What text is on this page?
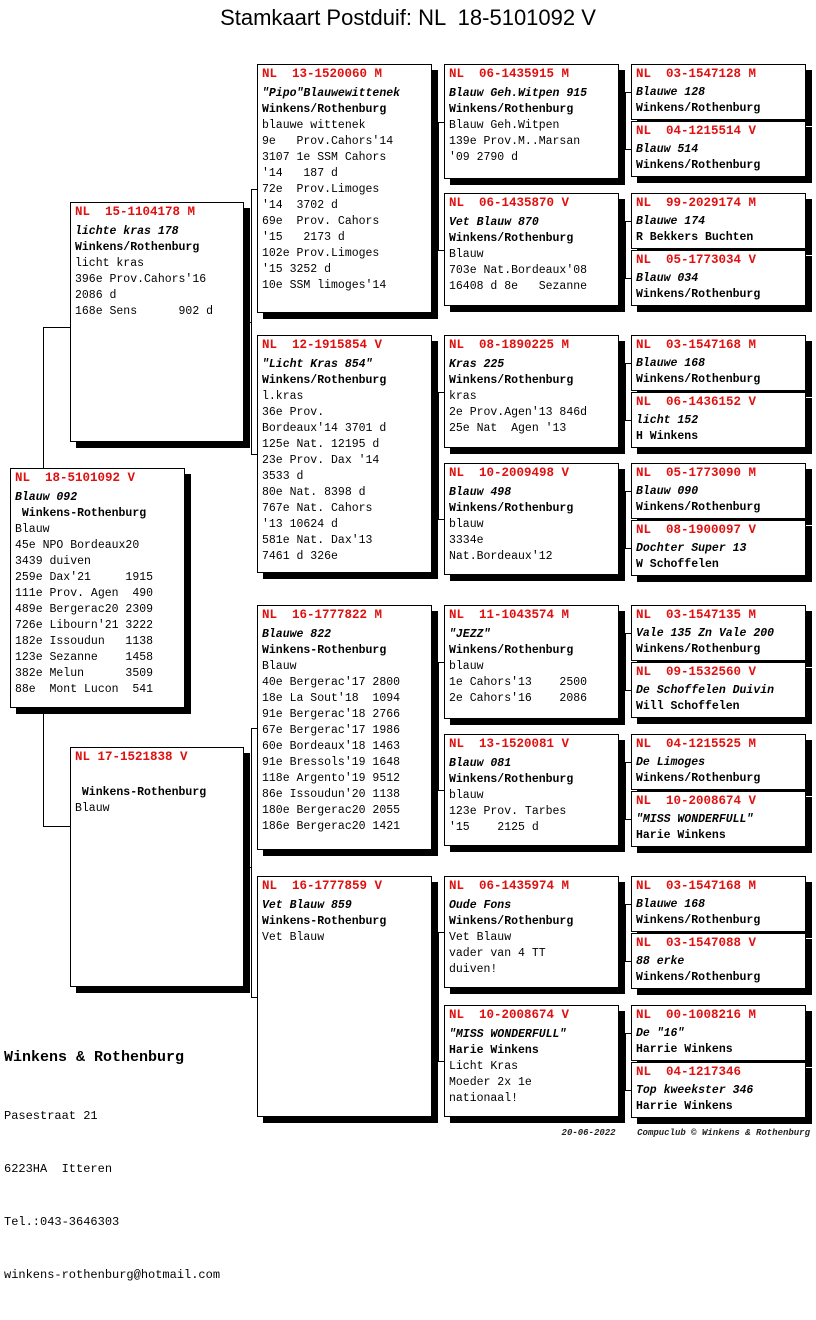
Stamkaart Postduif: NL  18-5101092 V
NL  18-5101092 V
Blauw 092
Winkens-Rothenburg
Blauw
45e NPO Bordeaux20
3439 duiven
259e Dax'21     1915
111e Prov. Agen  490
489e Bergerac20 2309
726e Libourn'21 3222
182e Issoudun   1138
123e Sezanne    1458
382e Melun      3509
88e  Mont Lucon  541
NL  15-1104178 M
lichte kras 178
Winkens/Rothenburg
licht kras
396e Prov.Cahors'16
2086 d
168e Sens      902 d
NL 17-1521838 V
Winkens-Rothenburg
Blauw
NL  13-1520060 M
"Pipo"Blauwewittenek
Winkens/Rothenburg
blauwe wittenek
9e   Prov.Cahors'14
3107 1e SSM Cahors
'14   187 d
72e  Prov.Limoges
'14  3702 d
69e  Prov. Cahors
'15   2173 d
102e Prov.Limoges
'15 3252 d
10e SSM limoges'14
NL  12-1915854 V
"Licht Kras 854"
Winkens/Rothenburg
l.kras
36e Prov.
Bordeaux'14 3701 d
125e Nat. 12195 d
23e Prov. Dax '14
3533 d
80e Nat. 8398 d
767e Nat. Cahors
'13 10624 d
581e Nat. Dax'13
7461 d 326e
NL  16-1777822 M
Blauwe 822
Winkens-Rothenburg
Blauw
40e Bergerac'17 2800
18e La Sout'18  1094
91e Bergerac'18 2766
67e Bergerac'17 1986
60e Bordeaux'18 1463
91e Bressols'19 1648
118e Argento'19 9512
86e Issoudun'20 1138
180e Bergerac20 2055
186e Bergerac20 1421
NL  16-1777859 V
Vet Blauw 859
Winkens-Rothenburg
Vet Blauw
NL  06-1435915 M
Blauw Geh.Witpen 915
Winkens/Rothenburg
Blauw Geh.Witpen
139e Prov.M..Marsan
'09 2790 d
NL  06-1435870 V
Vet Blauw 870
Winkens/Rothenburg
Blauw
703e Nat.Bordeaux'08
16408 d 8e   Sezanne
NL  08-1890225 M
Kras 225
Winkens/Rothenburg
kras
2e Prov.Agen'13 846d
25e Nat  Agen '13
NL  10-2009498 V
Blauw 498
Winkens/Rothenburg
blauw
3334e
Nat.Bordeaux'12
NL  11-1043574 M
"JEZZ"
Winkens/Rothenburg
blauw
1e Cahors'13    2500
2e Cahors'16    2086
NL  13-1520081 V
Blauw 081
Winkens/Rothenburg
blauw
123e Prov. Tarbes
'15    2125 d
NL  06-1435974 M
Oude Fons
Winkens/Rothenburg
Vet Blauw
vader van 4 TT
duiven!
NL  10-2008674 V
"MISS WONDERFULL"
Harie Winkens
Licht Kras
Moeder 2x 1e
nationaal!
NL  03-1547128 M
Blauwe 128
Winkens/Rothenburg
NL  04-1215514 V
Blauw 514
Winkens/Rothenburg
NL  99-2029174 M
Blauwe 174
R Bekkers Buchten
NL  05-1773034 V
Blauw 034
Winkens/Rothenburg
NL  03-1547168 M
Blauwe 168
Winkens/Rothenburg
NL  06-1436152 V
licht 152
H Winkens
NL  05-1773090 M
Blauw 090
Winkens/Rothenburg
NL  08-1900097 V
Dochter Super 13
W Schoffelen
NL  03-1547135 M
Vale 135 Zn Vale 200
Winkens/Rothenburg
NL  09-1532560 V
De Schoffelen Duivin
Will Schoffelen
NL  04-1215525 M
De Limoges
Winkens/Rothenburg
NL  10-2008674 V
"MISS WONDERFULL"
Harie Winkens
NL  03-1547168 M
Blauwe 168
Winkens/Rothenburg
NL  03-1547088 V
88 erke
Winkens/Rothenburg
NL  00-1008216 M
De "16"
Harrie Winkens
NL  04-1217346
Top kweekster 346
Harrie Winkens

Winkens & Rothenburg

Pasestraat 21

6223HA  Itteren

Tel.:043-3646303

winkens-rothenburg@hotmail.com

20-06-2022    Compuclub © Winkens & Rothenburg
